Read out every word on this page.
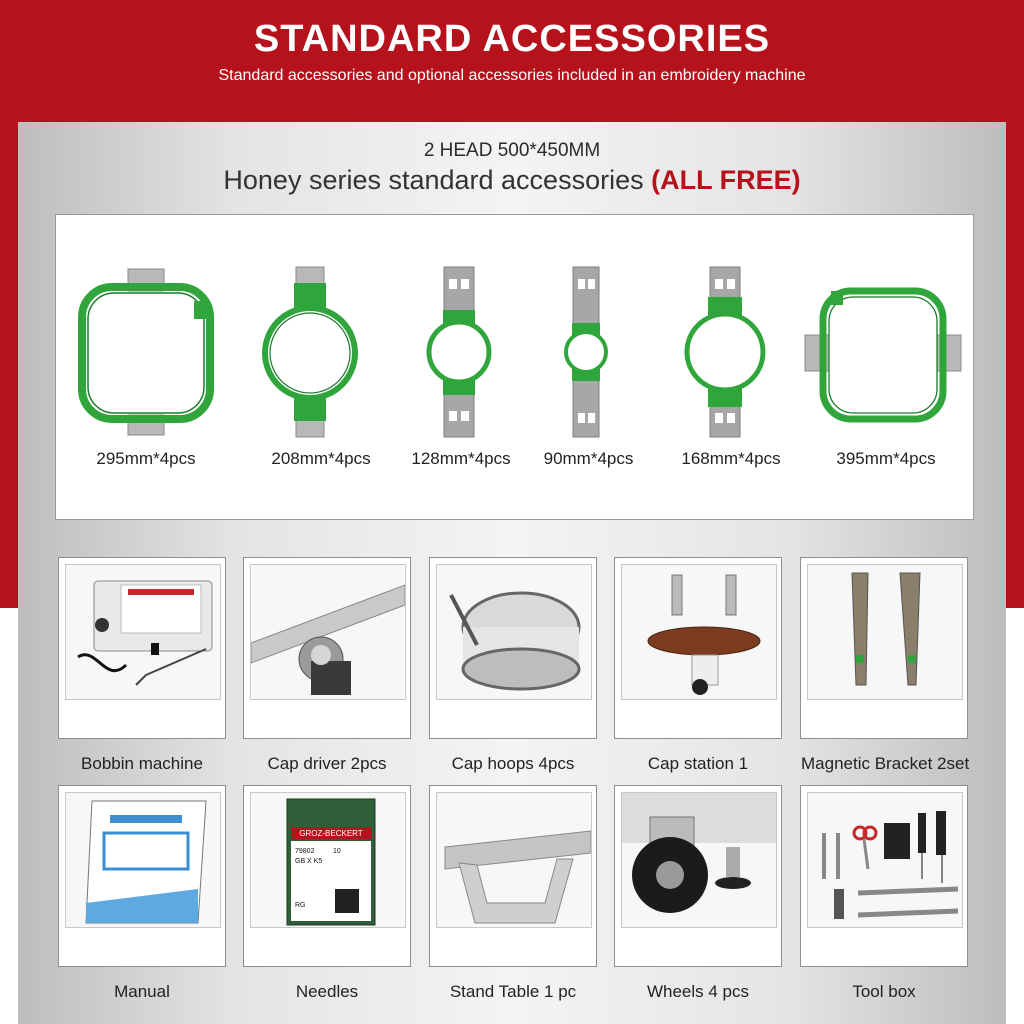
STANDARD ACCESSORIES
Standard accessories and optional accessories included in an embroidery machine
2 HEAD 500*450MM
Honey series standard accessories (ALL FREE)
295mm*4pcs	208mm*4pcs	128mm*4pcs	90mm*4pcs	168mm*4pcs	395mm*4pcs
Bobbin machine	Cap driver 2pcs	Cap hoops 4pcs	Cap station 1	Magnetic Bracket 2set
Manual
GROZ-BECKERT
79802	10
GB X K5
RG
Needles	Stand Table 1 pc	Wheels 4 pcs	Tool box
